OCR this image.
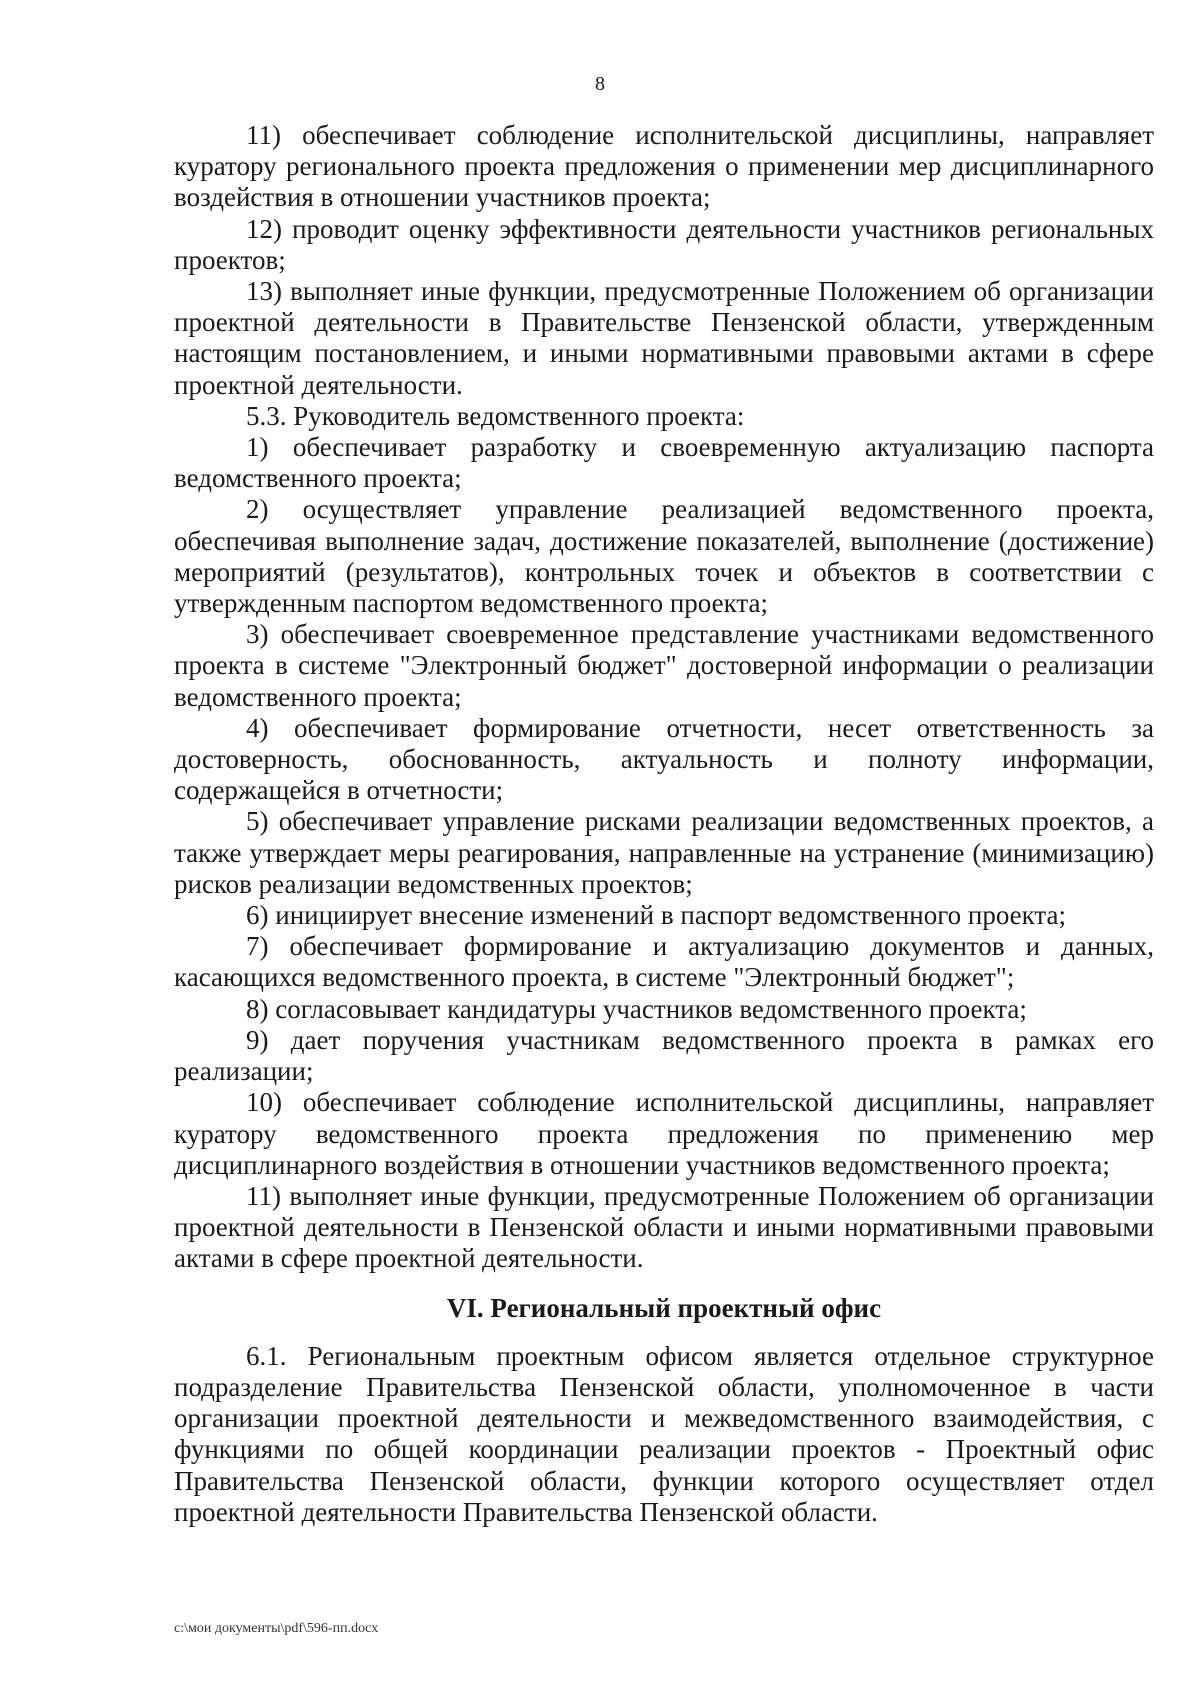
8

11) обеспечивает соблюдение исполнительской дисциплины, направляет куратору регионального проекта предложения о применении мер дисциплинарного воздействия в отношении участников проекта;

12) проводит оценку эффективности деятельности участников региональных проектов;

13) выполняет иные функции, предусмотренные Положением об организации проектной деятельности в Правительстве Пензенской области, утвержденным настоящим постановлением, и иными нормативными правовыми актами в сфере проектной деятельности.

5.3. Руководитель ведомственного проекта:

1) обеспечивает разработку и своевременную актуализацию паспорта ведомственного проекта;

2) осуществляет управление реализацией ведомственного проекта, обеспечивая выполнение задач, достижение показателей, выполнение (достижение) мероприятий (результатов), контрольных точек и объектов в соответствии с утвержденным паспортом ведомственного проекта;

3) обеспечивает своевременное представление участниками ведомственного проекта в системе "Электронный бюджет" достоверной информации о реализации ведомственного проекта;

4) обеспечивает формирование отчетности, несет ответственность за достоверность, обоснованность, актуальность и полноту информации, содержащейся в отчетности;

5) обеспечивает управление рисками реализации ведомственных проектов, а также утверждает меры реагирования, направленные на устранение (минимизацию) рисков реализации ведомственных проектов;

6) инициирует внесение изменений в паспорт ведомственного проекта;

7) обеспечивает формирование и актуализацию документов и данных, касающихся ведомственного проекта, в системе "Электронный бюджет";

8) согласовывает кандидатуры участников ведомственного проекта;

9) дает поручения участникам ведомственного проекта в рамках его реализации;

10) обеспечивает соблюдение исполнительской дисциплины, направляет куратору ведомственного проекта предложения по применению мер дисциплинарного воздействия в отношении участников ведомственного проекта;

11) выполняет иные функции, предусмотренные Положением об организации проектной деятельности в Пензенской области и иными нормативными правовыми актами в сфере проектной деятельности.

VI. Региональный проектный офис

6.1. Региональным проектным офисом является отдельное структурное подразделение Правительства Пензенской области, уполномоченное в части организации проектной деятельности и межведомственного взаимодействия, с функциями по общей координации реализации проектов - Проектный офис Правительства Пензенской области, функции которого осуществляет отдел проектной деятельности Правительства Пензенской области.

c:\мои документы\pdf\596-пп.docx
